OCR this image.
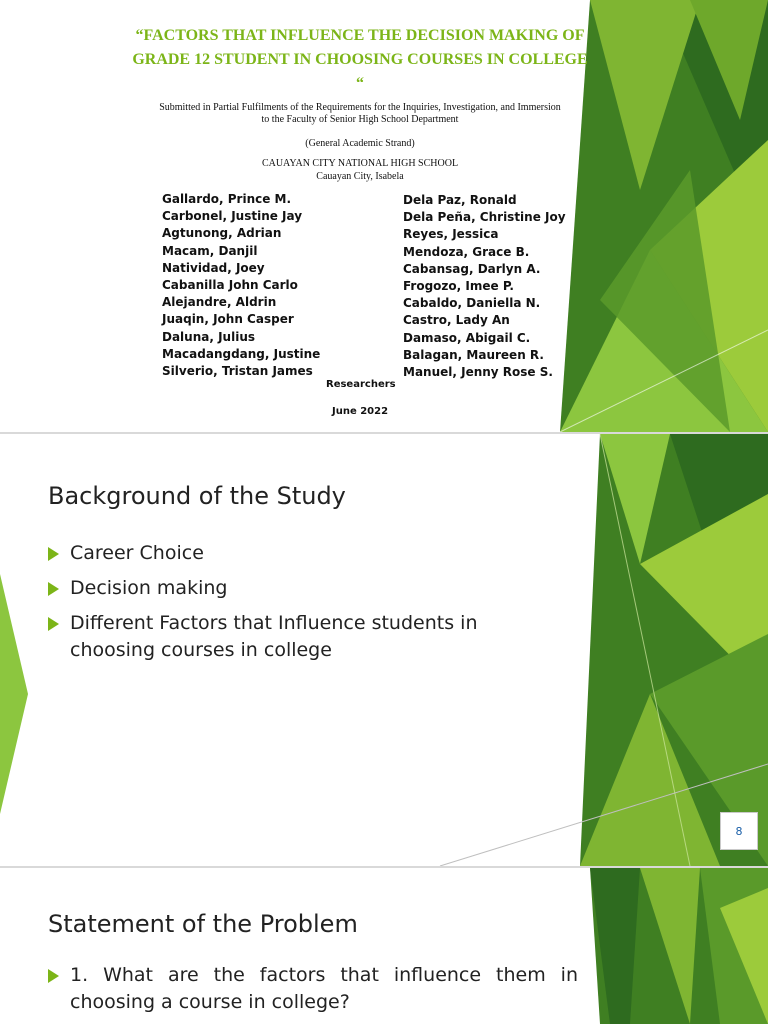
“FACTORS THAT INFLUENCE THE DECISION MAKING OF GRADE 12 STUDENT IN CHOOSING COURSES IN COLLEGE “
Submitted in Partial Fulfilments of the Requirements for the Inquiries, Investigation, and Immersion
to the Faculty of Senior High School Department
(General Academic Strand)
CAUAYAN CITY NATIONAL HIGH SCHOOL
Cauayan City, Isabela
Gallardo, Prince M.
Carbonel, Justine Jay
Agtunong, Adrian
Macam, Danjil
Natividad, Joey
Cabanilla John Carlo
Alejandre, Aldrin
Juaqin, John Casper
Daluna, Julius
Macadangdang, Justine
Silverio, Tristan James
Dela Paz, Ronald
Dela Peña, Christine Joy
Reyes, Jessica
Mendoza, Grace B.
Cabansag, Darlyn A.
Frogozo, Imee P.
Cabaldo, Daniella N.
Castro, Lady An
Damaso, Abigail C.
Balagan, Maureen R.
Manuel, Jenny Rose S.
Researchers
June 2022
Background of the Study
Career Choice
Decision making
Different Factors that Influence students in choosing courses in college
8
Statement of the Problem
1. What are the factors that influence them in choosing a course in college?
